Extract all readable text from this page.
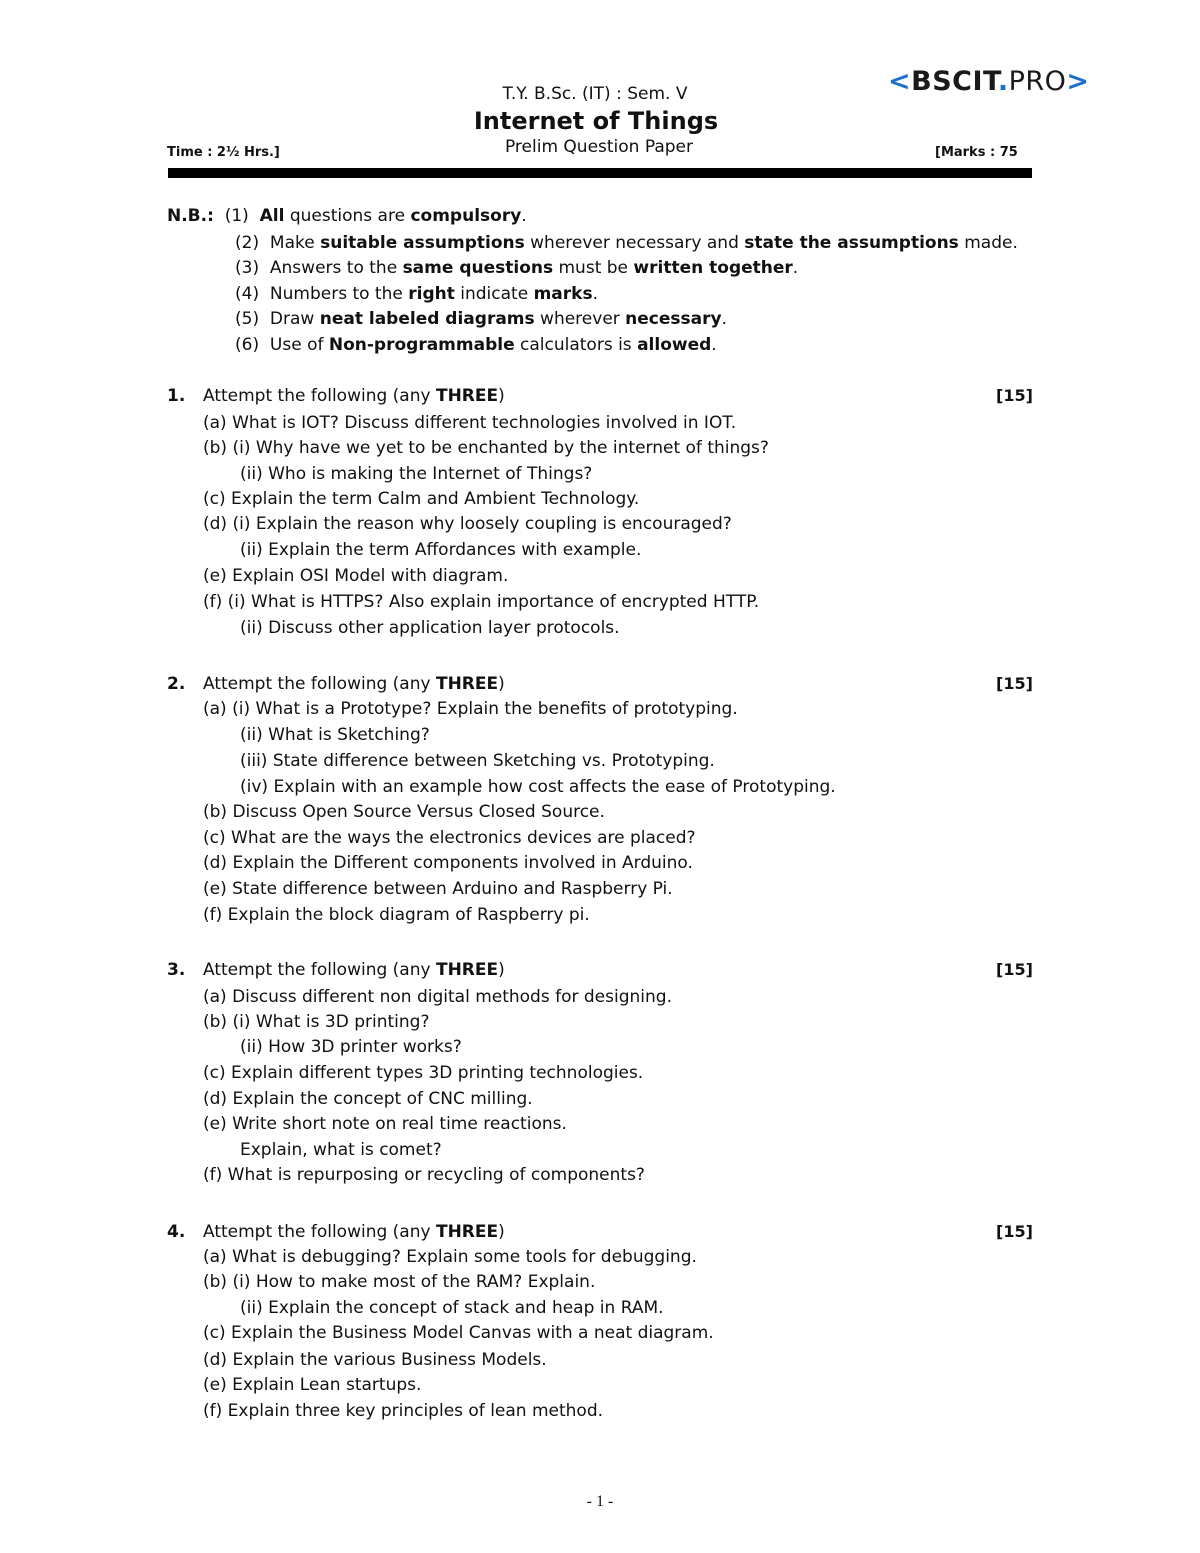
<BSCIT.PRO>
T.Y. B.Sc. (IT) : Sem. V
Internet of Things
Prelim Question Paper
Time : 2½ Hrs.]	[Marks : 75
N.B.: (1) All questions are compulsory.
(2) Make suitable assumptions wherever necessary and state the assumptions made.
(3) Answers to the same questions must be written together.
(4) Numbers to the right indicate marks.
(5) Draw neat labeled diagrams wherever necessary.
(6) Use of Non-programmable calculators is allowed.
1. Attempt the following (any THREE)	[15]
(a) What is IOT? Discuss different technologies involved in IOT.
(b) (i) Why have we yet to be enchanted by the internet of things?
(ii) Who is making the Internet of Things?
(c) Explain the term Calm and Ambient Technology.
(d) (i) Explain the reason why loosely coupling is encouraged?
(ii) Explain the term Affordances with example.
(e) Explain OSI Model with diagram.
(f) (i) What is HTTPS? Also explain importance of encrypted HTTP.
(ii) Discuss other application layer protocols.
2. Attempt the following (any THREE)	[15]
(a) (i) What is a Prototype? Explain the benefits of prototyping.
(ii) What is Sketching?
(iii) State difference between Sketching vs. Prototyping.
(iv) Explain with an example how cost affects the ease of Prototyping.
(b) Discuss Open Source Versus Closed Source.
(c) What are the ways the electronics devices are placed?
(d) Explain the Different components involved in Arduino.
(e) State difference between Arduino and Raspberry Pi.
(f) Explain the block diagram of Raspberry pi.
3. Attempt the following (any THREE)	[15]
(a) Discuss different non digital methods for designing.
(b) (i) What is 3D printing?
(ii) How 3D printer works?
(c) Explain different types 3D printing technologies.
(d) Explain the concept of CNC milling.
(e) Write short note on real time reactions.
Explain, what is comet?
(f) What is repurposing or recycling of components?
4. Attempt the following (any THREE)	[15]
(a) What is debugging? Explain some tools for debugging.
(b) (i) How to make most of the RAM? Explain.
(ii) Explain the concept of stack and heap in RAM.
(c) Explain the Business Model Canvas with a neat diagram.
(d) Explain the various Business Models.
(e) Explain Lean startups.
(f) Explain three key principles of lean method.
- 1 -
